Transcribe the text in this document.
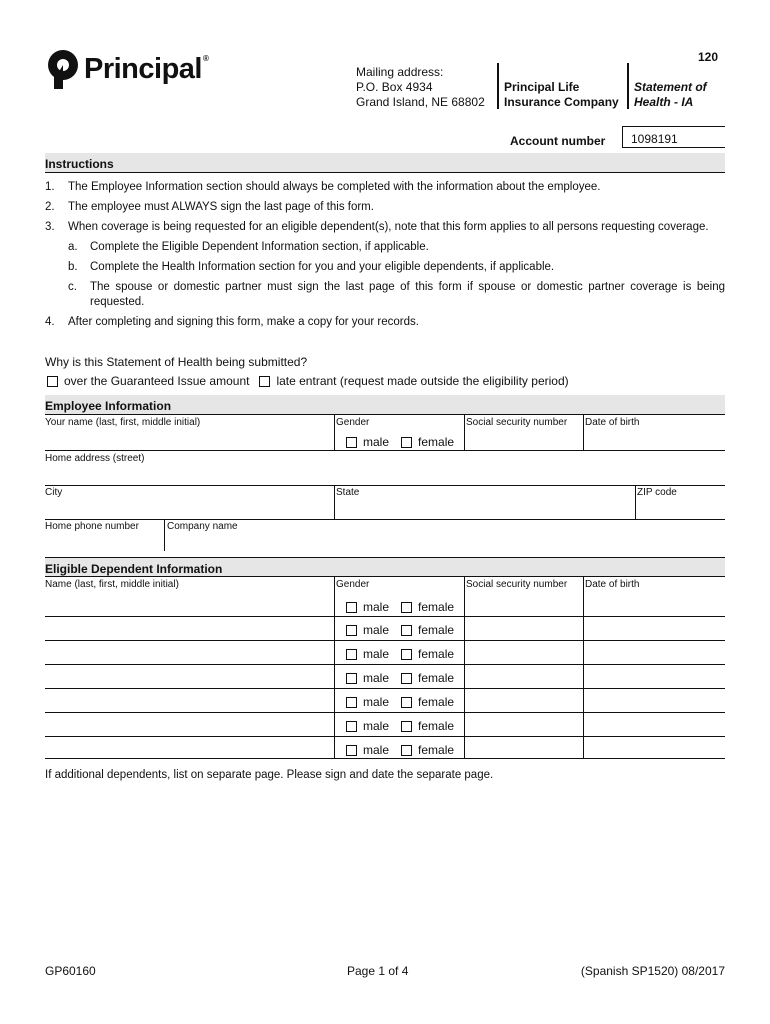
Principal®	120
Mailing address:
P.O. Box 4934
Grand Island, NE 68802
Principal Life
Insurance Company
Statement of
Health - IA
Account number	1098191
Instructions
1.	The Employee Information section should always be completed with the information about the employee.
2.	The employee must ALWAYS sign the last page of this form.
3.	When coverage is being requested for an eligible dependent(s), note that this form applies to all persons requesting coverage.
a.	Complete the Eligible Dependent Information section, if applicable.
b.	Complete the Health Information section for you and your eligible dependents, if applicable.
c.	The spouse or domestic partner must sign the last page of this form if spouse or domestic partner coverage is being requested.
4.	After completing and signing this form, make a copy for your records.
Why is this Statement of Health being submitted?
over the Guaranteed Issue amount late entrant (request made outside the eligibility period)
Employee Information
Your name (last, first, middle initial)	Gender	Social security number Date of birth
male female
Home address (street)
City	State	ZIP code
Home phone number	Company name
Eligible Dependent Information
Name (last, first, middle initial)	Gender	Social security number Date of birth
male female
male female
male female
male female
male female
male female
male female
If additional dependents, list on separate page. Please sign and date the separate page.
GP60160	Page 1 of 4	(Spanish SP1520) 08/2017
